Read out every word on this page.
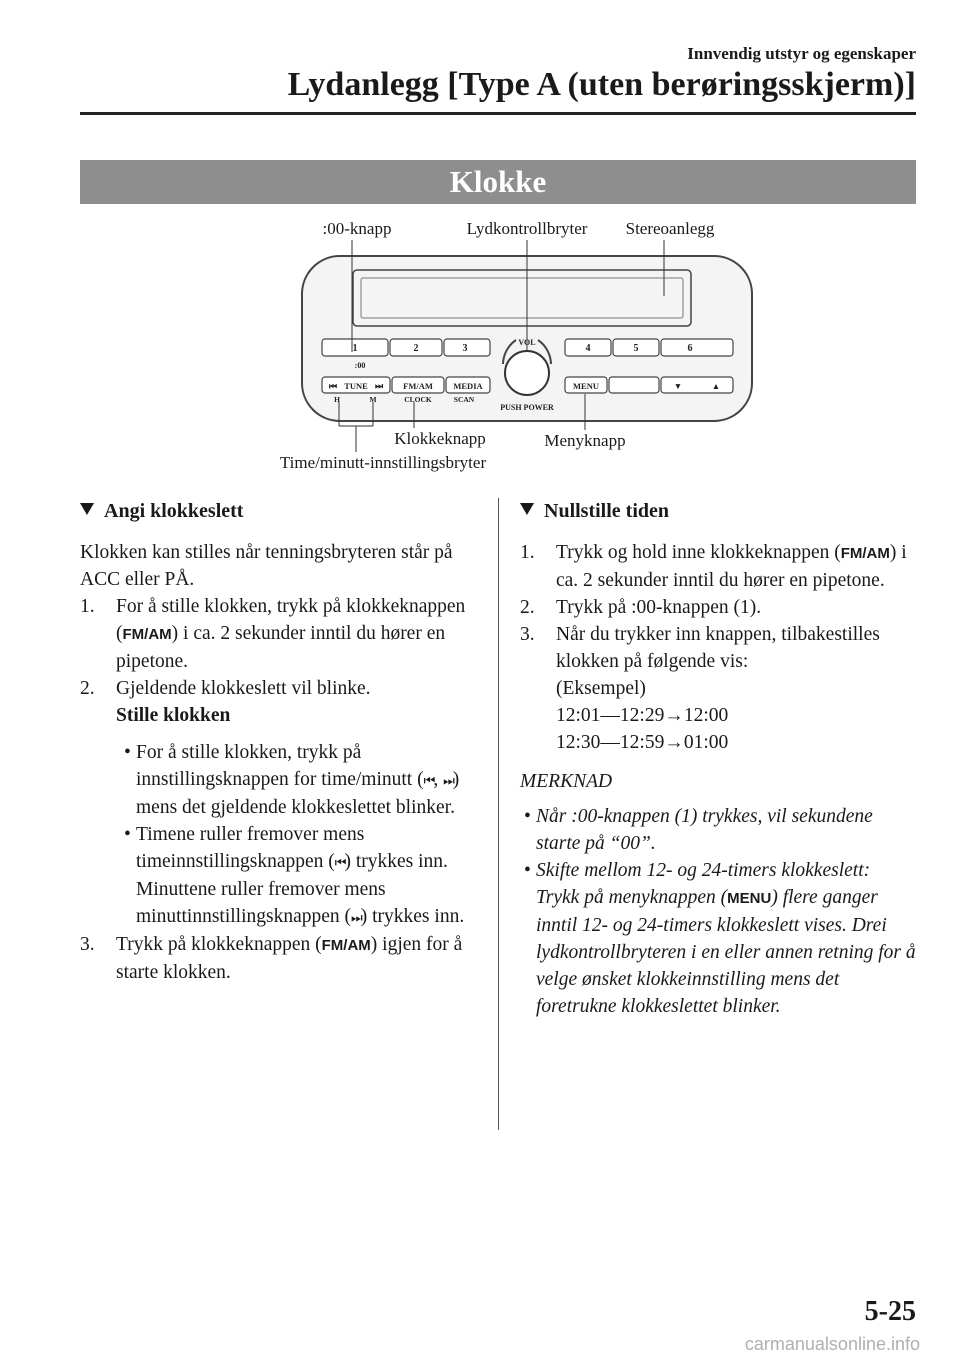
Innvendig utstyr og egenskaper
Lydanlegg [Type A (uten berøringsskjerm)]
Klokke
:00-knapp	Lydkontrollbryter Stereoanlegg
Klokkeknapp	Menyknapp
Time/minutt-innstillingsbryter
1	2	3	4	5	6
:00
VOL
⏮ TUNE ⏭ FM/AM MEDIA	MENU	▼	▲
H	M	CLOCK	SCAN
PUSH POWER
Angi klokkeslett

Klokken kan stilles når tenningsbryteren står på ACC eller PÅ.

1. For å stille klokken, trykk på klokkeknappen (FM/AM) i ca. 2 sekunder inntil du hører en pipetone.
2. Gjeldende klokkeslett vil blinke.
Stille klokken
• For å stille klokken, trykk på innstillingsknappen for time/minutt (⏮, ⏭) mens det gjeldende klokkeslettet blinker.
• Timene ruller fremover mens timeinnstillingsknappen (⏮) trykkes inn. Minuttene ruller fremover mens minuttinnstillingsknappen (⏭) trykkes inn.
3. Trykk på klokkeknappen (FM/AM) igjen for å starte klokken.
Nullstille tiden
1. Trykk og hold inne klokkeknappen (FM/AM) i ca. 2 sekunder inntil du hører en pipetone.
2. Trykk på :00-knappen (1).
3. Når du trykker inn knappen, tilbakestilles klokken på følgende vis:
(Eksempel)
12:01―12:29→12:00
12:30―12:59→01:00
MERKNAD
• Når :00-knappen (1) trykkes, vil sekundene starte på “00”.
• Skifte mellom 12- og 24-timers klokkeslett:
Trykk på menyknappen (MENU) flere ganger inntil 12- og 24-timers klokkeslett vises. Drei lydkontrollbryteren i en eller annen retning for å velge ønsket klokkeinnstilling mens det foretrukne klokkeslettet blinker.
5-25
carmanualsonline.info
